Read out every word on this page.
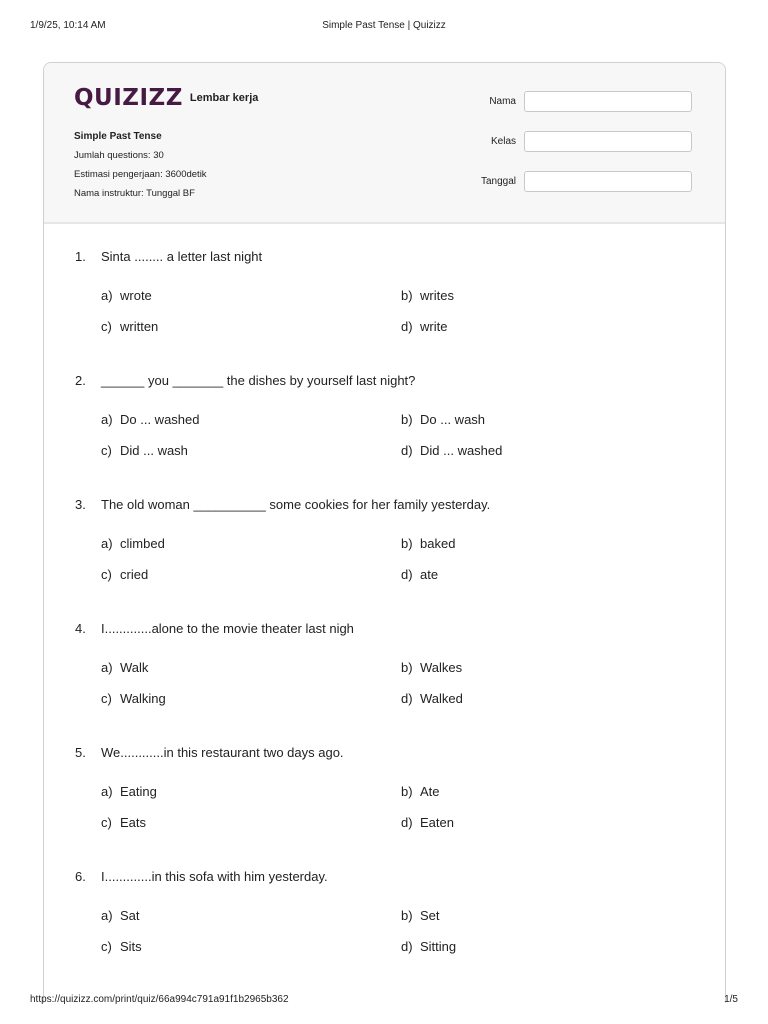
1/9/25, 10:14 AM	Simple Past Tense | Quizizz
QUIZIZZ Lembar kerja
Simple Past Tense
Jumlah questions: 30
Estimasi pengerjaan: 3600detik
Nama instruktur: Tunggal BF
Nama
Kelas
Tanggal
1. Sinta ........ a letter last night
a) wrote	b) writes
c) written	d) write
2. ______ you _______ the dishes by yourself last night?
a) Do ... washed	b) Do ... wash
c) Did ... wash	d) Did ... washed
3. The old woman __________ some cookies for her family yesterday.
a) climbed	b) baked
c) cried	d) ate
4. I.............alone to the movie theater last nigh
a) Walk	b) Walkes
c) Walking	d) Walked
5. We............in this restaurant two days ago.
a) Eating	b) Ate
c) Eats	d) Eaten
6. I.............in this sofa with him yesterday.
a) Sat	b) Set
c) Sits	d) Sitting
https://quizizz.com/print/quiz/66a994c791a91f1b2965b362	1/5
